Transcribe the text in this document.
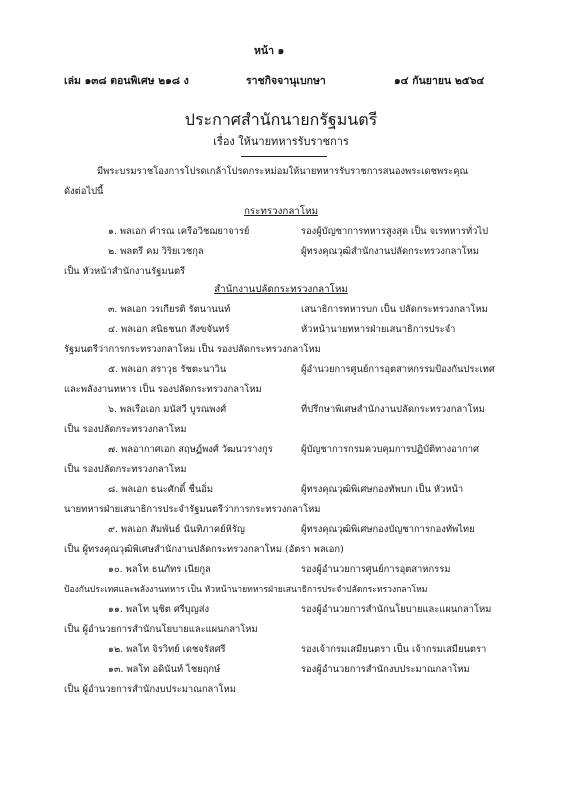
หน้า ๑
เล่ม ๑๓๘ ตอนพิเศษ ๒๑๘ ง	ราชกิจจานุเบกษา	๑๔ กันยายน ๒๕๖๔
ประกาศสำนักนายกรัฐมนตรี
เรื่อง ให้นายทหารรับราชการ
มีพระบรมราชโองการโปรดเกล้าโปรดกระหม่อมให้นายทหารรับราชการสนองพระเดชพระคุณ
ดังต่อไปนี้
กระทรวงกลาโหม
๑. พลเอก คำรณ เครือวิชฌยาจารย์	รองผู้บัญชาการทหารสูงสุด เป็น จเรทหารทั่วไป
๒. พลตรี คม วิริยเวชกุล	ผู้ทรงคุณวุฒิสำนักงานปลัดกระทรวงกลาโหม
เป็น หัวหน้าสำนักงานรัฐมนตรี
สำนักงานปลัดกระทรวงกลาโหม
๓. พลเอก วรเกียรติ รัตนานนท์	เสนาธิการทหารบก เป็น ปลัดกระทรวงกลาโหม
๔. พลเอก สนิธชนก สังขจันทร์	หัวหน้านายทหารฝ่ายเสนาธิการประจำ
รัฐมนตรีว่าการกระทรวงกลาโหม เป็น รองปลัดกระทรวงกลาโหม
๕. พลเอก สราวุธ รัชตะนาวิน	ผู้อำนวยการศูนย์การอุตสาหกรรมป้องกันประเทศ
และพลังงานทหาร เป็น รองปลัดกระทรวงกลาโหม
๖. พลเรือเอก มนัสวี บูรณพงศ์	ที่ปรึกษาพิเศษสำนักงานปลัดกระทรวงกลาโหม
เป็น รองปลัดกระทรวงกลาโหม
๗. พลอากาศเอก สฤษฏ์พงศ์ วัฒนวรางกูร	ผู้บัญชาการกรมควบคุมการปฏิบัติทางอากาศ
เป็น รองปลัดกระทรวงกลาโหม
๘. พลเอก ธนะศักดิ์ ชื่นอิ่ม	ผู้ทรงคุณวุฒิพิเศษกองทัพบก เป็น หัวหน้า
นายทหารฝ่ายเสนาธิการประจำรัฐมนตรีว่าการกระทรวงกลาโหม
๙. พลเอก สัมพันธ์ นันทิภาคย์หิรัญ	ผู้ทรงคุณวุฒิพิเศษกองบัญชาการกองทัพไทย
เป็น ผู้ทรงคุณวุฒิพิเศษสำนักงานปลัดกระทรวงกลาโหม (อัตรา พลเอก)
๑๐. พลโท ธนภัทร เนียกูล	รองผู้อำนวยการศูนย์การอุตสาหกรรม
ป้องกันประเทศและพลังงานทหาร เป็น หัวหน้านายทหารฝ่ายเสนาธิการประจำปลัดกระทรวงกลาโหม
๑๑. พลโท นุชิต ศรีบุญส่ง	รองผู้อำนวยการสำนักนโยบายและแผนกลาโหม
เป็น ผู้อำนวยการสำนักนโยบายและแผนกลาโหม
๑๒. พลโท จิรวิทย์ เดชจรัสศรี	รองเจ้ากรมเสมียนตรา เป็น เจ้ากรมเสมียนตรา
๑๓. พลโท อดินันท์ ไชยฤกษ์	รองผู้อำนวยการสำนักงบประมาณกลาโหม
เป็น ผู้อำนวยการสำนักงบประมาณกลาโหม
